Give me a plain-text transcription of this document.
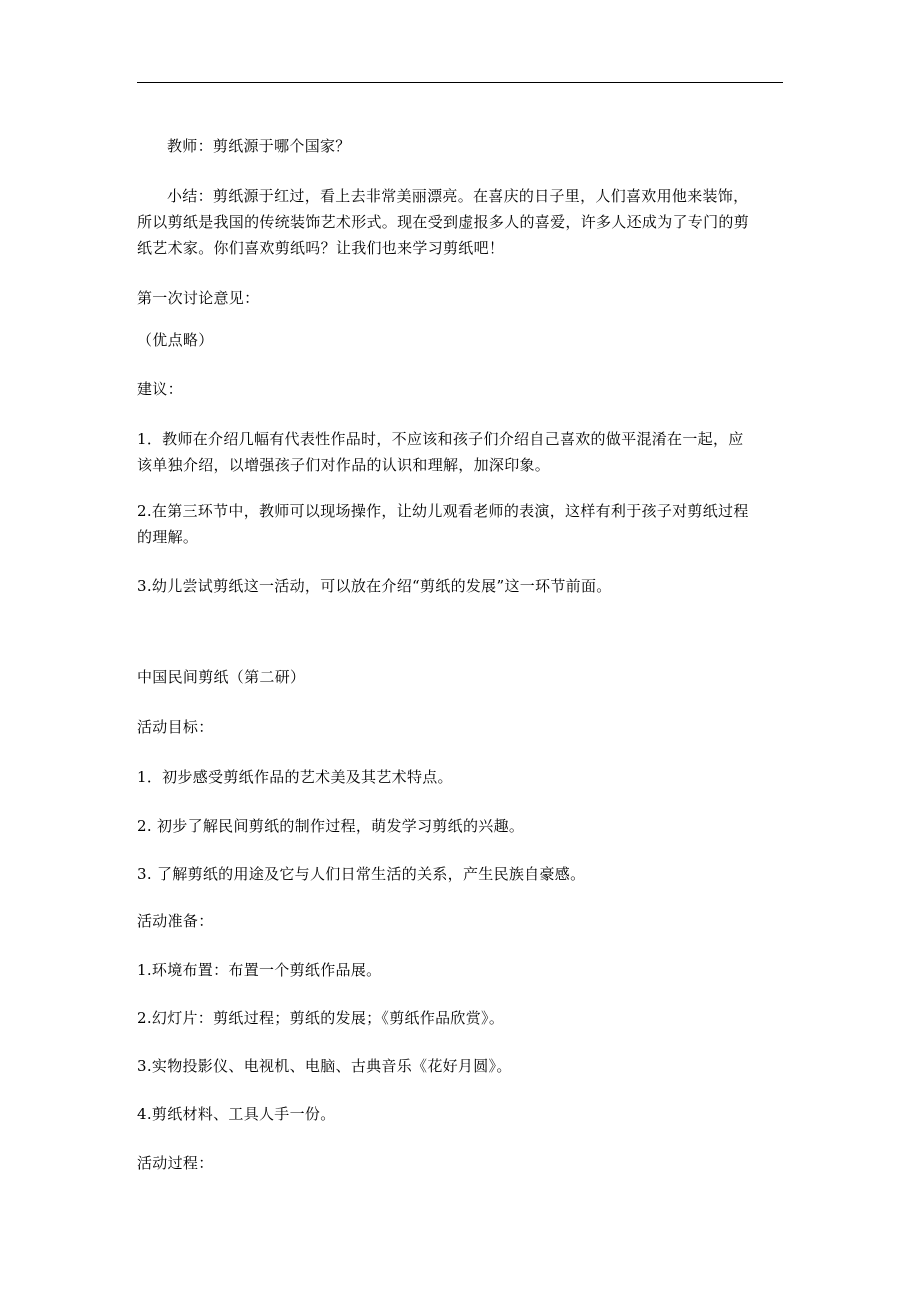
教师：剪纸源于哪个国家？

小结：剪纸源于红过，看上去非常美丽漂亮。在喜庆的日子里，人们喜欢用他来装饰，

所以剪纸是我国的传统装饰艺术形式。现在受到虚报多人的喜爱，许多人还成为了专门的剪

纸艺术家。你们喜欢剪纸吗？让我们也来学习剪纸吧！

第一次讨论意见：

（优点略）

建议：

1．教师在介绍几幅有代表性作品时，不应该和孩子们介绍自己喜欢的做平混淆在一起，应

该单独介绍，以增强孩子们对作品的认识和理解，加深印象。

2.在第三环节中，教师可以现场操作，让幼儿观看老师的表演，这样有利于孩子对剪纸过程

的理解。

3.幼儿尝试剪纸这一活动，可以放在介绍“剪纸的发展”这一环节前面。

中国民间剪纸（第二研）

活动目标：

1．初步感受剪纸作品的艺术美及其艺术特点。

2. 初步了解民间剪纸的制作过程，萌发学习剪纸的兴趣。

3. 了解剪纸的用途及它与人们日常生活的关系，产生民族自豪感。

活动准备：

1.环境布置：布置一个剪纸作品展。

2.幻灯片：剪纸过程；剪纸的发展；《剪纸作品欣赏》。

3.实物投影仪、电视机、电脑、古典音乐《花好月圆》。

4.剪纸材料、工具人手一份。

活动过程：
